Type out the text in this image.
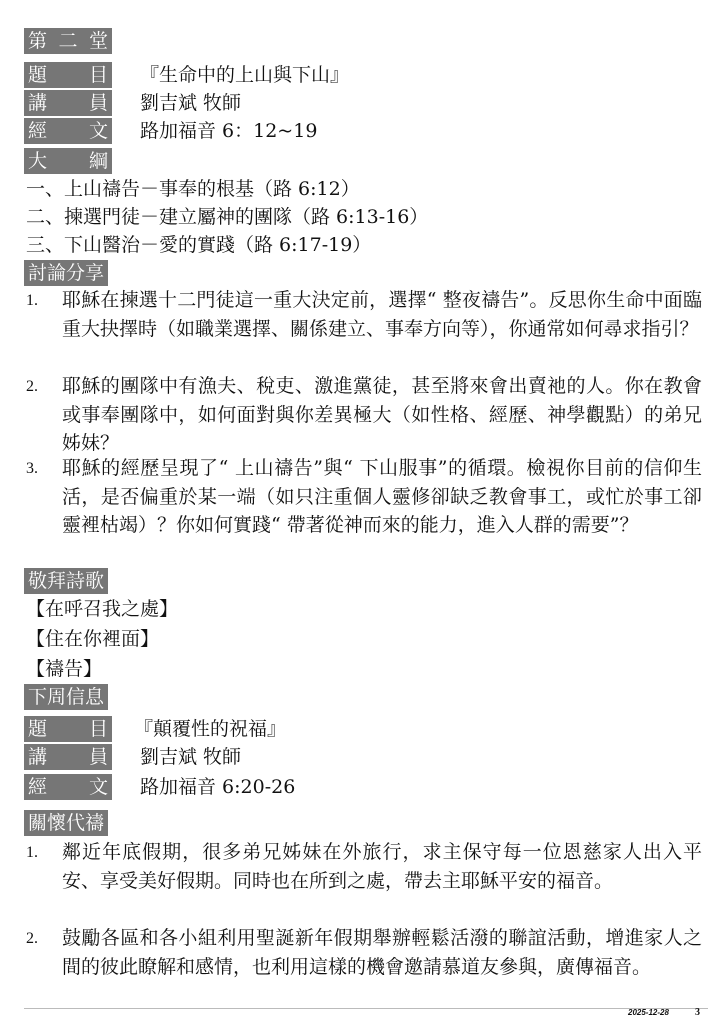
第 二 堂
題 目 『生命中的上山與下山』
講 員 劉吉斌 牧師
經 文 路加福音 6：12~19
大 綱
一、上山禱告－事奉的根基（路 6:12）
二、揀選門徒－建立屬神的團隊（路 6:13-16）
三、下山醫治－愛的實踐（路 6:17-19）
討論分享
1. 耶穌在揀選十二門徒這一重大決定前，選擇“ 整夜禱告”。反思你生命中面臨重大抉擇時（如職業選擇、關係建立、事奉方向等），你通常如何尋求指引？
2. 耶穌的團隊中有漁夫、稅吏、激進黨徒，甚至將來會出賣祂的人。你在教會或事奉團隊中，如何面對與你差異極大（如性格、經歷、神學觀點）的弟兄姊妹？
3. 耶穌的經歷呈現了“ 上山禱告”與“ 下山服事”的循環。檢視你目前的信仰生活，是否偏重於某一端（如只注重個人靈修卻缺乏教會事工，或忙於事工卻靈裡枯竭）？你如何實踐“ 帶著從神而來的能力，進入人群的需要”？
敬拜詩歌
【在呼召我之處】
【住在你裡面】
【禱告】
下周信息
題 目 『顛覆性的祝福』
講 員 劉吉斌 牧師
經 文 路加福音 6:20-26
關懷代禱
1. 鄰近年底假期，很多弟兄姊妹在外旅行，求主保守每一位恩慈家人出入平安、享受美好假期。同時也在所到之處，帶去主耶穌平安的福音。
2. 鼓勵各區和各小組利用聖誕新年假期舉辦輕鬆活潑的聯誼活動，增進家人之間的彼此瞭解和感情，也利用這樣的機會邀請慕道友參與，廣傳福音。
2025-12-28	3
